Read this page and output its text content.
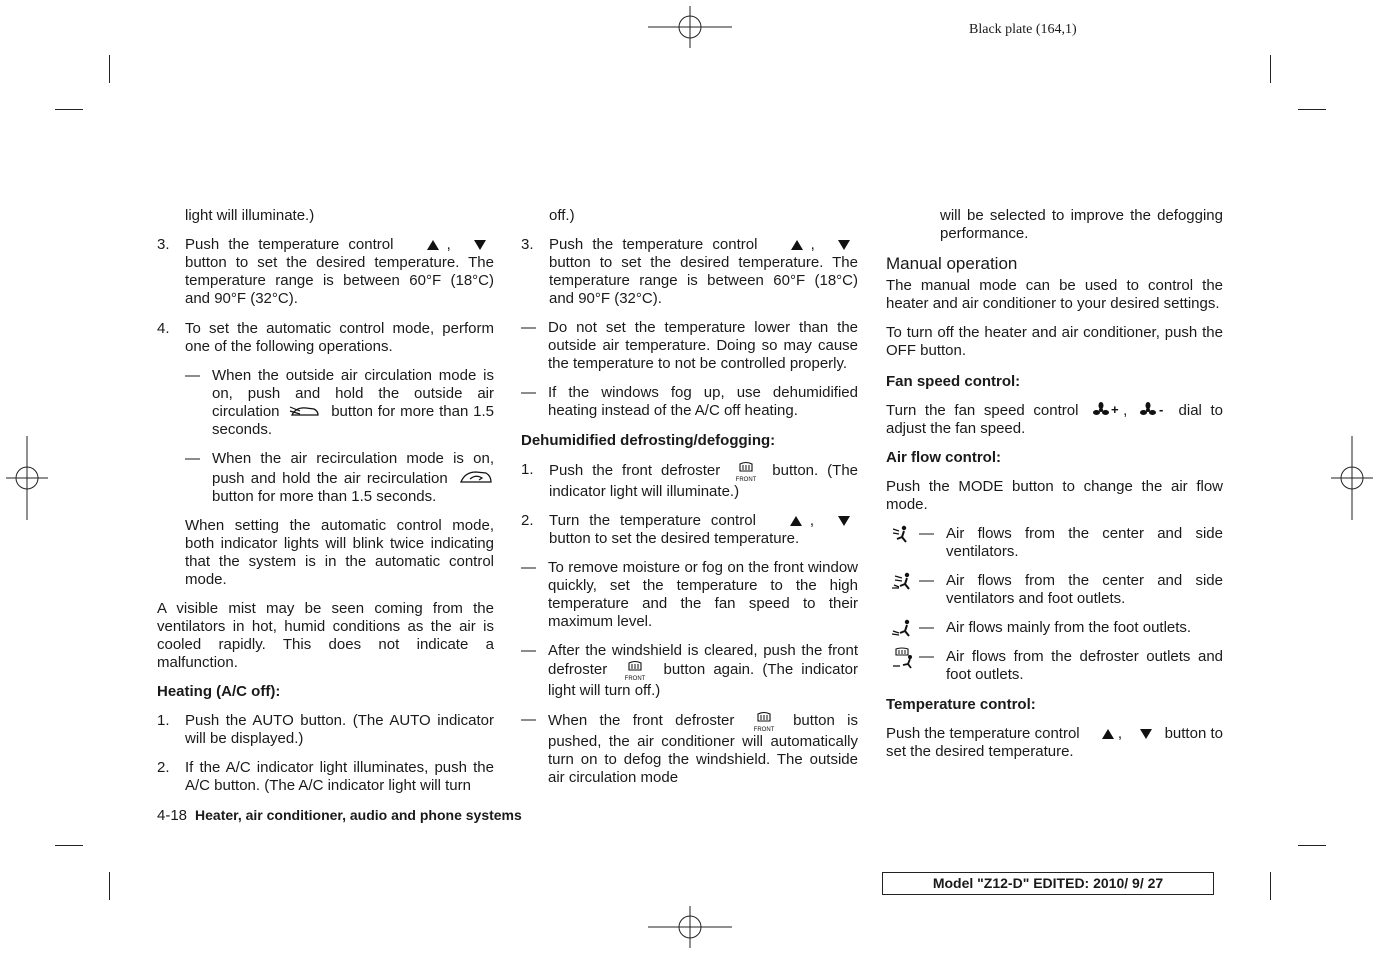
Black plate (164,1)
light will illuminate.)
3. Push the temperature control	,  button to set the desired temperature. The temperature range is between 60°F (18°C) and 90°F (32°C).
4. To set the automatic control mode, perform one of the following operations.
— When the outside air circulation mode is on, push and hold the outside air circulation	button for more than 1.5 seconds.
— When the air recirculation mode is on, push and hold the air recirculation  button for more than 1.5 seconds.
When setting the automatic control mode, both indicator lights will blink twice indicating that the system is in the automatic control mode.
A visible mist may be seen coming from the ventilators in hot, humid conditions as the air is cooled rapidly. This does not indicate a malfunction.
Heating (A/C off):
1. Push the AUTO button. (The AUTO indicator will be displayed.)
2. If the A/C indicator light illuminates, push the A/C button. (The A/C indicator light will turn
off.)
3. Push the temperature control	,  button to set the desired temperature. The temperature range is between 60°F (18°C) and 90°F (32°C).
— Do not set the temperature lower than the outside air temperature. Doing so may cause the temperature to not be controlled properly.
— If the windows fog up, use dehumidified heating instead of the A/C off heating.
Dehumidified defrosting/defogging:
1. Push the front defroster
FRONT
button. (The indicator light will illuminate.)
2. Turn the temperature control	,  button to set the desired temperature.
— To remove moisture or fog on the front window quickly, set the temperature to the high temperature and the fan speed to their maximum level.
— After the windshield is cleared, push the front defroster
FRONT
button again. (The indicator light will turn off.)
— When the front defroster
FRONT
button is pushed, the air conditioner will automatically turn on to defog the windshield. The outside air circulation mode
will be selected to improve the defogging performance.
Manual operation
The manual mode can be used to control the heater and air conditioner to your desired settings.
To turn off the heater and air conditioner, push the OFF button.
Fan speed control:
Turn the fan speed control	+ , - dial to adjust the fan speed.
Air flow control:
Push the MODE button to change the air flow mode.
— Air flows from the center and side ventilators.
— Air flows from the center and side ventilators and foot outlets.
— Air flows mainly from the foot outlets.
— Air flows from the defroster outlets and foot outlets.
Temperature control:
Push the temperature control	,	button to set the desired temperature.
4-18 Heater, air conditioner, audio and phone systems
Model "Z12-D" EDITED: 2010/ 9/ 27
